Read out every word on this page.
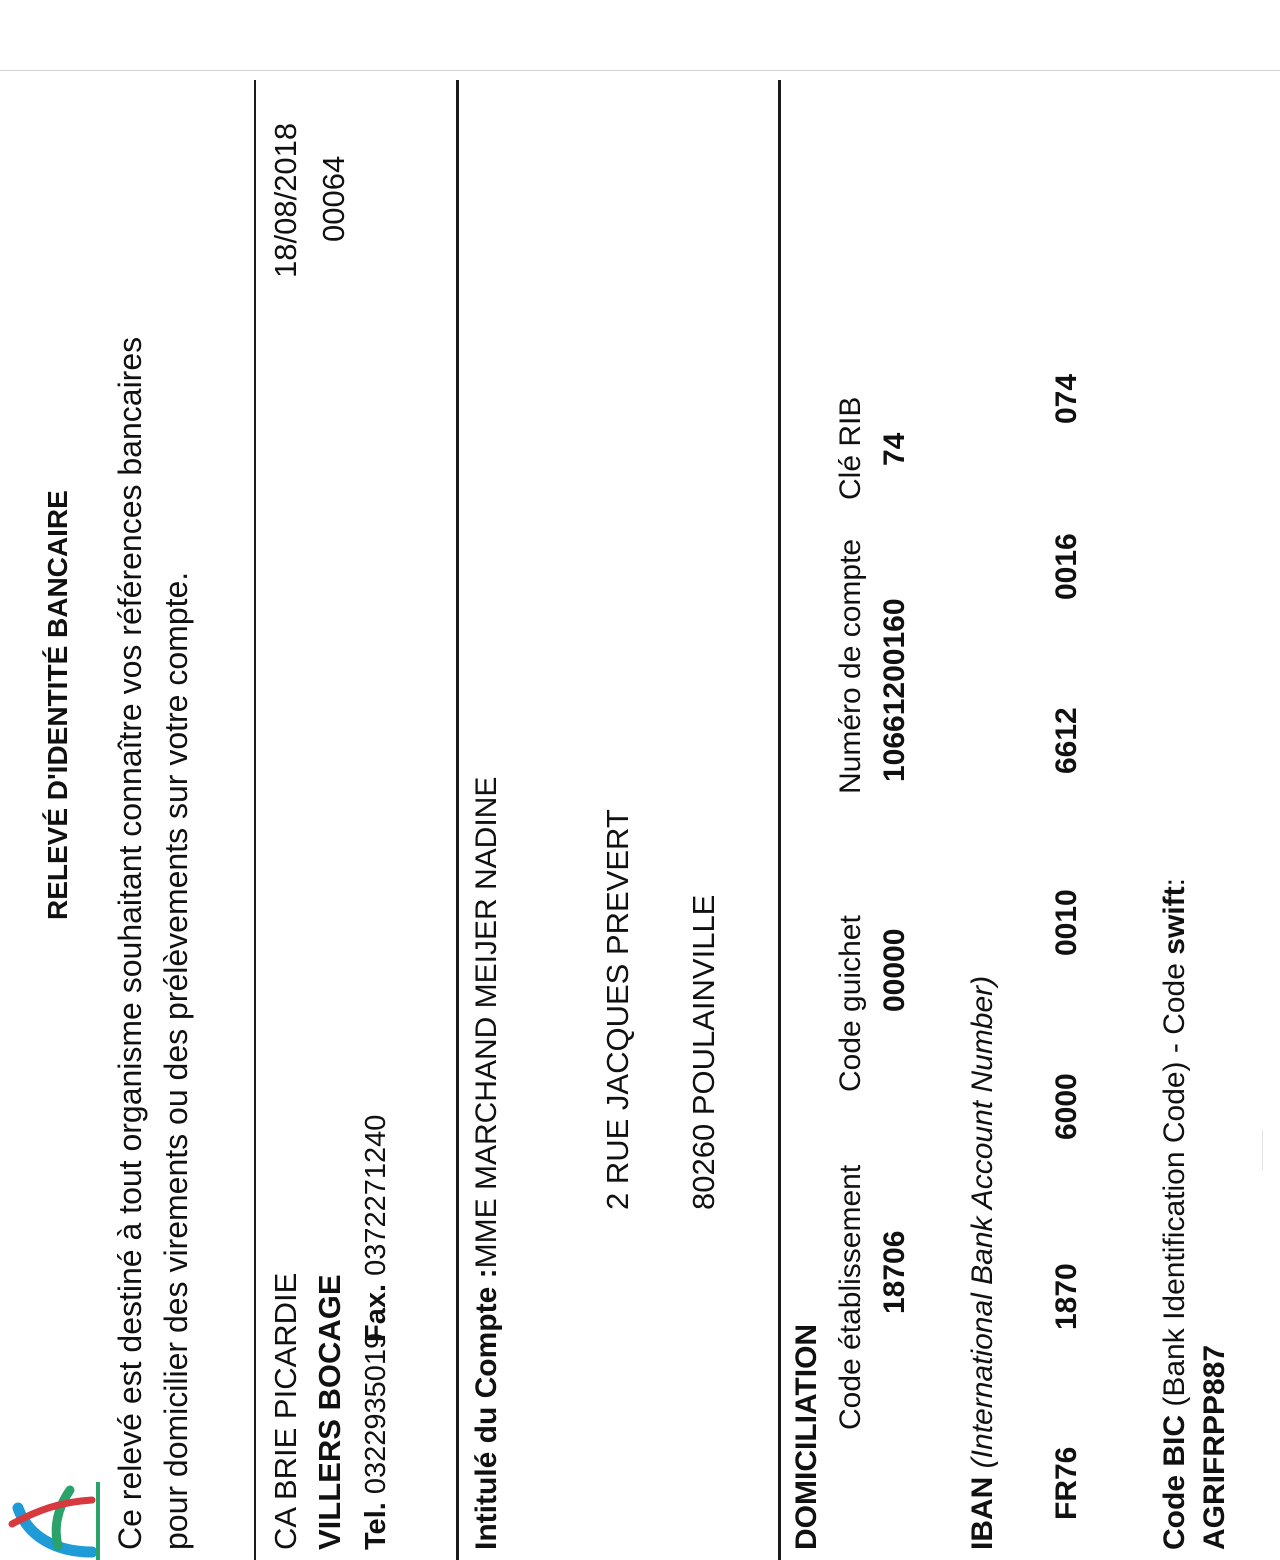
RELEVÉ D'IDENTITÉ BANCAIRE Ce relevé est destiné à tout organisme souhaitant connaître vos références bancaires pour domicilier des virements ou des prélèvements sur votre compte. CA BRIE PICARDIE VILLERS BOCAGE Tel. 0322935019
Fax. 0372271240
18/08/2018 00064
Intitulé du Compte :MME MARCHAND MEIJER NADINE	2 RUE JACQUES PREVERT 80260 POULAINVILLE
DOMICILIATION
Code établissement 18706
Code guichet 00000
Numéro de compte 10661200160
Clé RIB 74
IBAN (International Bank Account Number)
FR76
1870
6000
0010
6612
0016
074
Code BIC (Bank Identification Code) - Code swift:
AGRIFRPP887
